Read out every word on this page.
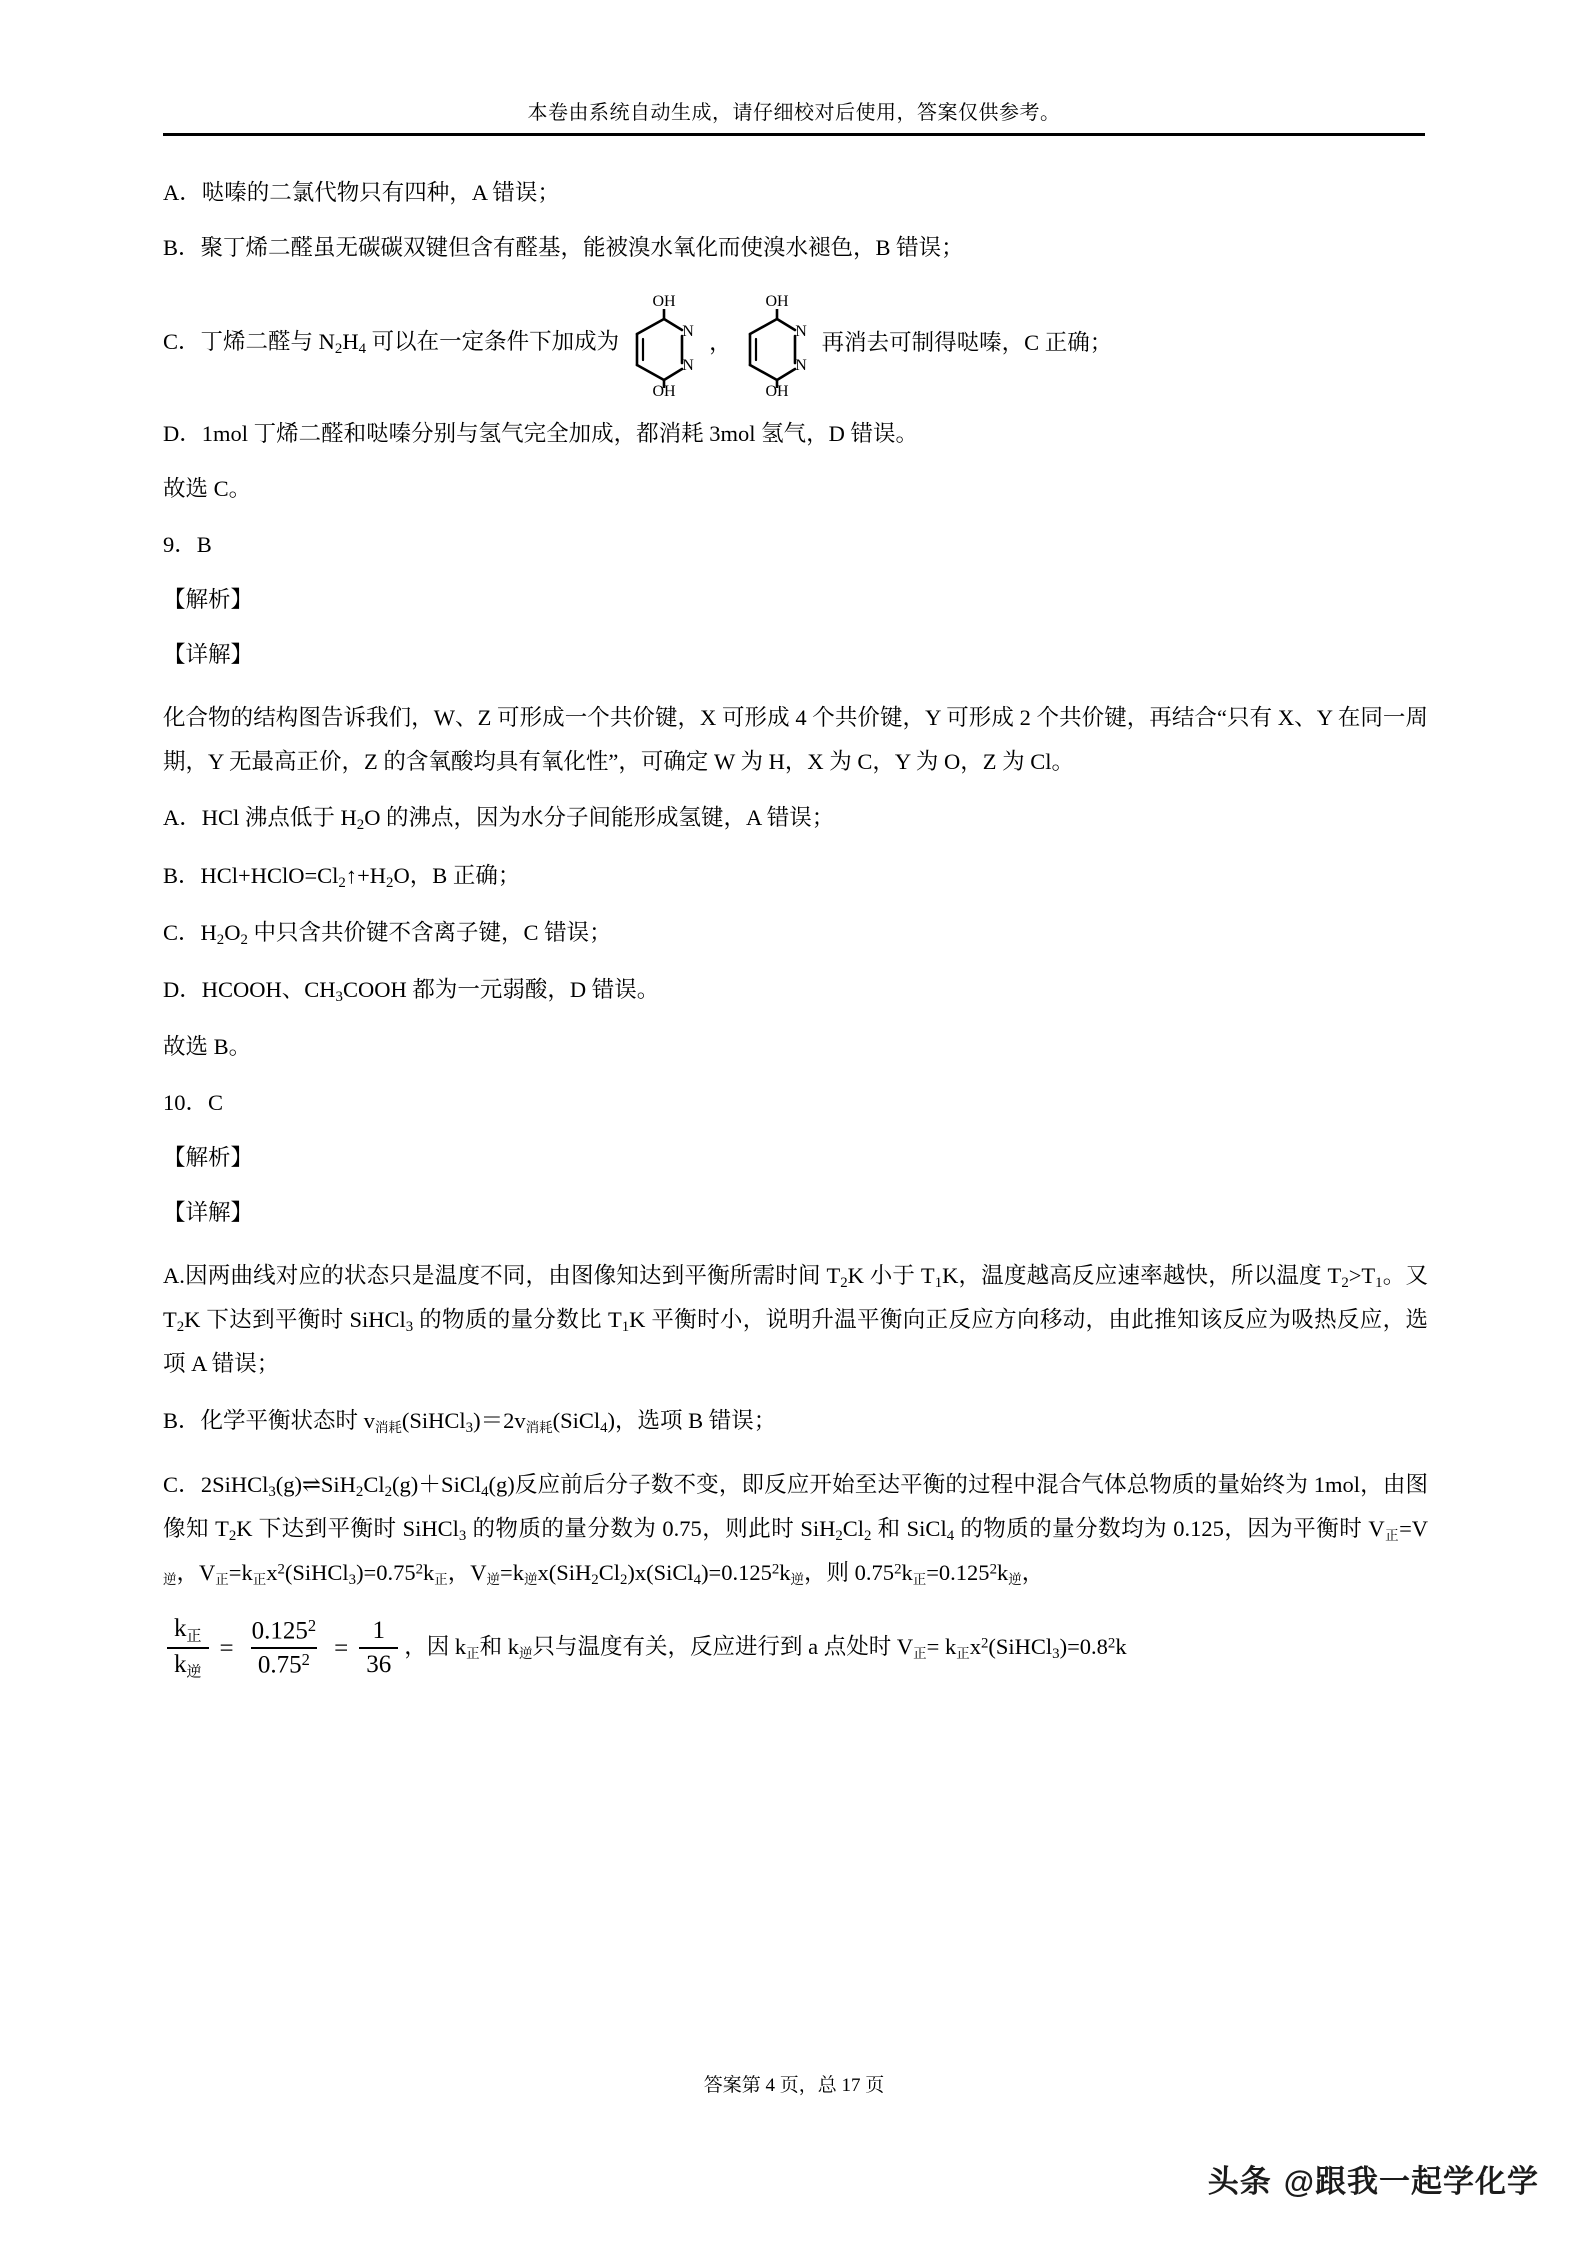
本卷由系统自动生成，请仔细校对后使用，答案仅供参考。

A．哒嗪的二氯代物只有四种，A 错误；

B．聚丁烯二醛虽无碳碳双键但含有醛基，能被溴水氧化而使溴水褪色，B 错误；

C．丁烯二醛与 $N_2H_4$ 可以在一定条件下加成为
OH
N
N
OH
，
OH
N
N
OH
再消去可制得哒嗪，C 正确；

D．1mol 丁烯二醛和哒嗪分别与氢气完全加成，都消耗 3mol 氢气，D 错误。

故选 C。

9．B

【解析】

【详解】

化合物的结构图告诉我们，W、Z 可形成一个共价键，X 可形成 4 个共价键，Y 可形成 2 个共价键，再结合“只有 X、Y 在同一周期，Y 无最高正价，Z 的含氧酸均具有氧化性”，可确定 W 为 H，X 为 C，Y 为 O，Z 为 Cl。

A．HCl 沸点低于 $H_2O$ 的沸点，因为水分子间能形成氢键，A 错误；

B．$HCl+HClO=Cl_2↑+H_2O$，B 正确；

C．$H_2O_2$ 中只含共价键不含离子键，C 错误；

D．HCOOH、$CH_3COOH$ 都为一元弱酸，D 错误。

故选 B。

10．C

【解析】

【详解】

A.因两曲线对应的状态只是温度不同，由图像知达到平衡所需时间 $T_2K$ 小于 $T_1K$，温度越高反应速率越快，所以温度 $T_2>T_1$。又 $T_2K$ 下达到平衡时 SiHCl$_3$ 的物质的量分数比 $T_1K$ 平衡时小，说明升温平衡向正反应方向移动，由此推知该反应为吸热反应，选项 A 错误；

B．化学平衡状态时 $v_{消耗}(SiHCl_3)=2v_{消耗}(SiCl_4)$，选项 B 错误；

C．$2SiHCl_3(g)\rightleftharpoons SiH_2Cl_2(g)+SiCl_4(g)$反应前后分子数不变，即反应开始至达平衡的过程中混合气体总物质的量始终为 1mol，由图像知 $T_2K$ 下达到平衡时 SiHCl$_3$ 的物质的量分数为 0.75，则此时 $SiH_2Cl_2$ 和 SiCl$_4$ 的物质的量分数均为 0.125，因为平衡时 $V_正=V_逆$，$V_正=k_正x^2(SiHCl_3)=0.75^2k_正$，$V_逆=k_逆x(SiH_2Cl_2)x(SiCl_4)=0.125^2k_逆$，则 $0.75^2k_正=0.125^2k_逆$，

$\frac{k_正}{k_逆} = \frac{0.125^2}{0.75^2} = \frac{1}{36}$ ，因 $k_正$和 $k_逆$只与温度有关，反应进行到 a 点处时 $V_正=$ $k_正x^2(SiHCl_3)=0.8^2k$
答案第 4 页，总 17 页
头条 @跟我一起学化学
